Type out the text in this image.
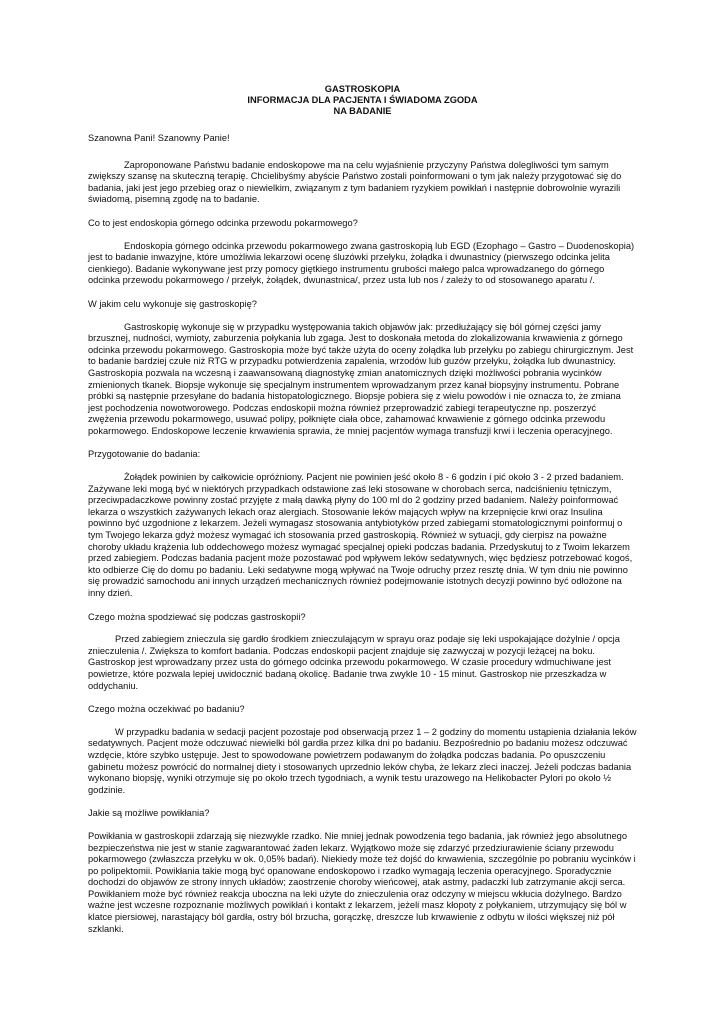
GASTROSKOPIA
INFORMACJA DLA PACJENTA I ŚWIADOMA ZGODA
NA BADANIE

Szanowna Pani! Szanowny Panie!

Zaproponowane Państwu badanie endoskopowe ma na celu wyjaśnienie przyczyny Państwa dolegliwości tym samym zwiększy szansę na skuteczną terapię. Chcielibyśmy abyście Państwo zostali poinformowani o tym jak należy przygotować się do badania, jaki jest jego przebieg oraz o niewielkim, związanym z tym badaniem ryzykiem powikłań i następnie dobrowolnie wyrazili świadomą, pisemną zgodę na to badanie.

Co to jest endoskopia górnego odcinka przewodu pokarmowego?

Endoskopia górnego odcinka przewodu pokarmowego zwana gastroskopią lub EGD (Ezophago – Gastro – Duodenoskopia) jest to badanie inwazyjne, które umożliwia lekarzowi ocenę śluzówki przełyku, żołądka i dwunastnicy (pierwszego odcinka jelita cienkiego). Badanie wykonywane jest przy pomocy giętkiego instrumentu grubości małego palca wprowadzanego do górnego odcinka przewodu pokarmowego / przełyk, żołądek, dwunastnica/, przez usta lub nos / zależy to od stosowanego aparatu /.

W jakim celu wykonuje się gastroskopię?

Gastroskopię wykonuje się w przypadku występowania takich objawów jak: przedłużający się ból górnej części jamy brzusznej, nudności, wymioty, zaburzenia połykania lub zgaga. Jest to doskonała metoda do zlokalizowania krwawienia z górnego odcinka przewodu pokarmowego. Gastroskopia może być także użyta do oceny żołądka lub przełyku po zabiegu chirurgicznym. Jest to badanie bardziej czułe niż RTG w przypadku potwierdzenia zapalenia, wrzodów lub guzów przełyku, żołądka lub dwunastnicy. Gastroskopia pozwala na wczesną i zaawansowaną diagnostykę zmian anatomicznych dzięki możliwości pobrania wycinków zmienionych tkanek. Biopsje wykonuje się specjalnym instrumentem wprowadzanym przez kanał biopsyjny instrumentu. Pobrane próbki są następnie przesyłane do badania histopatologicznego. Biopsje pobiera się z wielu powodów i nie oznacza to, że zmiana jest pochodzenia nowotworowego. Podczas endoskopii można również przeprowadzić zabiegi terapeutyczne np. poszerzyć zwężenia przewodu pokarmowego, usuwać polipy, połknięte ciała obce, zahamować krwawienie z górnego odcinka przewodu pokarmowego. Endoskopowe leczenie krwawienia sprawia, że mniej pacjentów wymaga transfuzji krwi i leczenia operacyjnego.

Przygotowanie do badania:

Żołądek powinien by całkowicie opróżniony. Pacjent nie powinien jeść około 8 - 6 godzin i pić około 3 - 2 przed badaniem. Zażywane leki mogą być w niektórych przypadkach odstawione zaś leki stosowane w chorobach serca, nadciśnieniu tętniczym, przeciwpadaczkowe powinny zostać przyjęte z małą dawką płyny do 100 ml do 2 godziny przed badaniem. Należy poinformować lekarza o wszystkich zażywanych lekach oraz alergiach. Stosowanie leków mających wpływ na krzepnięcie krwi oraz Insulina powinno być uzgodnione z lekarzem. Jeżeli wymagasz stosowania antybiotyków przed zabiegami stomatologicznymi poinformuj o tym Twojego lekarza gdyż możesz wymagać ich stosowania przed gastroskopią. Również w sytuacji, gdy cierpisz na poważne choroby układu krążenia lub oddechowego możesz wymagać specjalnej opieki podczas badania. Przedyskutuj to z Twoim lekarzem przed zabiegiem. Podczas badania pacjent może pozostawać pod wpływem leków sedatywnych, więc będziesz potrzebować kogoś, kto odbierze Cię do domu po badaniu. Leki sedatywne mogą wpływać na Twoje odruchy przez resztę dnia. W tym dniu nie powinno się prowadzić samochodu ani innych urządzeń mechanicznych również podejmowanie istotnych decyzji powinno być odłożone na inny dzień.

Czego można spodziewać się podczas gastroskopii?

Przed zabiegiem znieczula się gardło środkiem znieczulającym w sprayu oraz podaje się leki uspokajające dożylnie / opcja znieczulenia /. Zwiększa to komfort badania. Podczas endoskopii pacjent znajduje się zazwyczaj w pozycji leżącej na boku. Gastroskop jest wprowadzany przez usta do górnego odcinka przewodu pokarmowego. W czasie procedury wdmuchiwane jest powietrze, które pozwala lepiej uwidocznić badaną okolicę. Badanie trwa zwykle 10 - 15 minut. Gastroskop nie przeszkadza w oddychaniu.

Czego można oczekiwać po badaniu?

W przypadku badania w sedacji pacjent pozostaje pod obserwacją przez 1 – 2 godziny do momentu ustąpienia działania leków sedatywnych. Pacjent może odczuwać niewielki ból gardła przez kilka dni po badaniu. Bezpośrednio po badaniu możesz odczuwać wzdęcie, które szybko ustępuje. Jest to spowodowane powietrzem podawanym do żołądka podczas badania. Po opuszczeniu gabinetu możesz powrócić do normalnej diety i stosowanych uprzednio leków chyba, że lekarz zleci inaczej. Jeżeli podczas badania wykonano biopsję, wyniki otrzymuje się po około trzech tygodniach, a wynik testu urazowego na Helikobacter Pylori po około ½ godzinie.

Jakie są możliwe powikłania?

Powikłania w gastroskopii zdarzają się niezwykle rzadko. Nie mniej jednak powodzenia tego badania, jak również jego absolutnego bezpieczeństwa nie jest w stanie zagwarantować żaden lekarz. Wyjątkowo może się zdarzyć przedziurawienie ściany przewodu pokarmowego (zwłaszcza przełyku w ok. 0,05% badań). Niekiedy może też dojść do krwawienia, szczególnie po pobraniu wycinków i po polipektomii. Powikłania takie mogą być opanowane endoskopowo i rzadko wymagają leczenia operacyjnego. Sporadycznie dochodzi do objawów ze strony innych układów; zaostrzenie choroby wieńcowej, atak astmy, padaczki lub zatrzymanie akcji serca. Powikłaniem może być również reakcja uboczna na leki użyte do znieczulenia oraz odczyny w miejscu wkłucia dożylnego. Bardzo ważne jest wczesne rozpoznanie możliwych powikłań i kontakt z lekarzem, jeżeli masz kłopoty z połykaniem, utrzymujący się ból w klatce piersiowej, narastający ból gardła, ostry ból brzucha, gorączkę, dreszcze lub krwawienie z odbytu w ilości większej niż pół szklanki.
